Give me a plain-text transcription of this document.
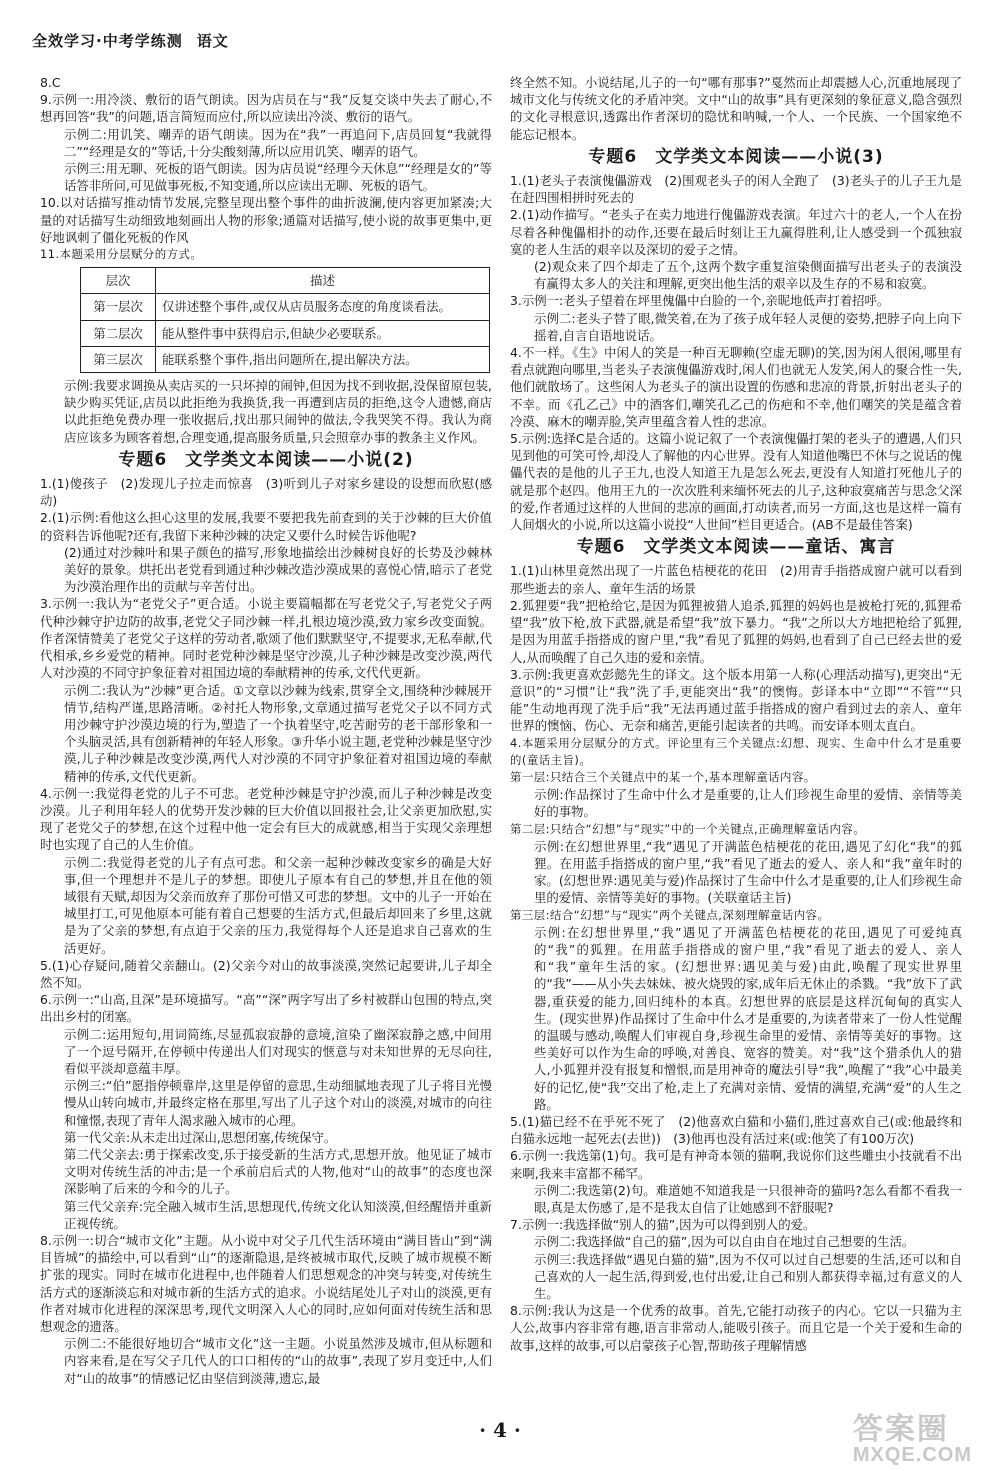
全效学习·中考学练测 语文

8.C

9.示例一:用冷淡、敷衍的语气朗读。因为店员在与“我”反复交谈中失去了耐心,不想再回答“我”的问题,语言简短而应付,所以应读出冷淡、敷衍的语气。

示例二:用讥笑、嘲弄的语气朗读。因为在“我”一再追问下,店员回复“我就得二”“经理是女的”等话,十分尖酸刻薄,所以应用讥笑、嘲弄的语气。

示例三:用无聊、死板的语气朗读。因为店员说“经理今天休息”“经理是女的”等话答非所问,可见做事死板,不知变通,所以应读出无聊、死板的语气。

10.以对话描写推动情节发展,完整呈现出整个事件的曲折波澜,使内容更加紧凑;大量的对话描写生动细致地刻画出人物的形象;通篇对话描写,使小说的故事更集中,更好地讽刺了僵化死板的作风

11.本题采用分层赋分的方式。

层次	描述
第一层次	仅讲述整个事件,或仅从店员服务态度的角度谈看法。
第二层次	能从整件事中获得启示,但缺少必要联系。
第三层次	能联系整个事件,指出问题所在,提出解决方法。

示例:我要求调换从卖店买的一只坏掉的闹钟,但因为找不到收据,没保留原包装,缺少购买凭证,店员以此拒绝为我换货,我一再遭到店员的拒绝,这令人遗憾,商店以此拒绝免费办理一张收据后,找出那只闹钟的做法,令我哭笑不得。我认为商店应该多为顾客着想,合理变通,提高服务质量,只会照章办事的教条主义作风。

专题6　文学类文本阅读——小说(2)

1.(1)傻孩子　(2)发现儿子拉走而惊喜　(3)听到儿子对家乡建设的设想而欣慰(感动)

2.(1)示例:看他这么担心这里的发展,我要不要把我先前查到的关于沙棘的巨大价值的资料告诉他呢?还有,我留下来种沙棘的决定又要什么时候告诉他呢?

(2)通过对沙棘叶和果子颜色的描写,形象地描绘出沙棘树良好的长势及沙棘林美好的景象。烘托出老党看到通过种沙棘改造沙漠成果的喜悦心情,暗示了老党为沙漠治理作出的贡献与辛苦付出。

3.示例一:我认为“老党父子”更合适。小说主要篇幅都在写老党父子,写老党父子两代种沙棘守护边防的故事,老党父子同沙棘一样,扎根边境沙漠,致力家乡改变面貌。作者深情赞美了老党父子这样的劳动者,歌颂了他们默默坚守,不提要求,无私奉献,代代相承,乡乡爱党的精神。同时老党种沙棘是坚守沙漠,儿子种沙棘是改变沙漠,两代人对沙漠的不同守护象征着对祖国边境的奉献精神的传承,文代代更新。

示例二:我认为“沙棘”更合适。①文章以沙棘为线索,贯穿全文,围绕种沙棘展开情节,结构严谨,思路清晰。②衬托人物形象,文章通过描写老党父子以不同方式用沙棘守护沙漠边境的行为,塑造了一个执着坚守,吃苦耐劳的老干部形象和一个头脑灵活,具有创新精神的年轻人形象。③升华小说主题,老党种沙棘是坚守沙漠,儿子种沙棘是改变沙漠,两代人对沙漠的不同守护象征着对祖国边境的奉献精神的传承,文代代更新。

4.示例一:我觉得老党的儿子不可悲。老党种沙棘是守护沙漠,而儿子种沙棘是改变沙漠。儿子利用年轻人的优势开发沙棘的巨大价值以回报社会,让父亲更加欣慰,实现了老党父子的梦想,在这个过程中他一定会有巨大的成就感,相当于实现父亲理想时也实现了自己的人生价值。

示例二:我觉得老党的儿子有点可悲。和父亲一起种沙棘改变家乡的确是大好事,但一个理想并不是儿子的梦想。即使儿子原本有自己的梦想,并且在他的领域很有天赋,却因为父亲而放弃了那份可惜又可悲的梦想。文中的儿子一开始在城里打工,可见他原本可能有着自己想要的生活方式,但最后却回来了乡里,这就是为了父亲的梦想,有点迫于父亲的压力,我觉得每个人还是追求自己喜欢的生活更好。

5.(1)心存疑问,随着父亲翻山。(2)父亲今对山的故事淡漠,突然记起要讲,儿子却全然不知。

6.示例一:“山高,且深”是环境描写。“高”“深”两字写出了乡村被群山包围的特点,突出出乡村的闭塞。

示例二:运用短句,用词简练,尽显孤寂寂静的意境,渲染了幽深寂静之感,中间用了一个逗号隔开,在停顿中传递出人们对现实的惬意与对未知世界的无尽向往,看似平淡却意蕴丰厚。

示例三:“伯”愿指停顿靠岸,这里是停留的意思,生动细腻地表现了儿子将目光慢慢从山转向城市,并最终定格在那里,写出了儿子这个对山的淡漠,对城市的向往和憧憬,表现了青年人渴求融入城市的心理。

第一代父亲:从未走出过深山,思想闭塞,传统保守。

第二代父亲去:勇于探索改变,乐于接受新的生活方式,思想开放。他见证了城市文明对传统生活的冲击;是一个承前启后式的人物,他对“山的故事”的态度也深深影响了后来的今和今的儿子。

第三代父亲弃:完全融入城市生活,思想现代,传统文化认知淡漠,但经醒悟并重新正视传统。

8.示例一:切合“城市文化”主题。从小说中对父子几代生活环境由“满目皆山”到“满目皆城”的描绘中,可以看到“山”的逐渐隐退,是终被城市取代,反映了城市规模不断扩张的现实。同时在城市化进程中,也伴随着人们思想观念的冲突与转变,对传统生活方式的逐渐淡忘和对城市新的生活方式的追求。小说结尾处儿子对山的淡漠,更有作者对城市化进程的深深思考,现代文明深入人心的同时,应如何面对传统生活和思想观念的遗落。

示例二:不能很好地切合“城市文化”这一主题。小说虽然涉及城市,但从标题和内容来看,是在写父子几代人的口口相传的“山的故事”,表现了岁月变迁中,人们对“山的故事”的情感记忆由坚信到淡薄,遗忘,最

终全然不知。小说结尾,儿子的一句“哪有那事?”戛然而止却震撼人心,沉重地展现了城市文化与传统文化的矛盾冲突。文中“山的故事”具有更深刻的象征意义,隐含强烈的文化寻根意识,透露出作者深切的隐忧和呐喊,一个人、一个民族、一个国家绝不能忘记根本。

专题6　文学类文本阅读——小说(3)

1.(1)老头子表演傀儡游戏　(2)围观老头子的闲人全跑了　(3)老头子的儿子王九是在赶四围相拼时死去的

2.(1)动作描写。“老头子在卖力地进行傀儡游戏表演。年过六十的老人,一个人在扮尽着各种傀儡相扑的动作,还要在最后时刻让王九赢得胜利,让人感受到一个孤独寂寞的老人生活的艰辛以及深切的爱子之情。

(2)观众来了四个却走了五个,这两个数字重复渲染侧面描写出老头子的表演没有赢得太多人的关注和理解,更突出他生活的艰辛以及生存的不易和寂寞。

3.示例一:老头子望着在坪里傀儡中白脸的一个,亲昵地低声打着招呼。

示例二:老头子替了眼,微笑着,在为了孩子成年轻人灵便的姿势,把脖子向上向下摇着,自言自语地说话。

4.不一样。《生》中闲人的笑是一种百无聊赖(空虚无聊)的笑,因为闲人很闲,哪里有看点就跑向哪里,当老头子表演傀儡游戏时,闲人们也就无人发笑,闲人的聚合性一失,他们就散场了。这些闲人为老头子的演出设置的伤感和悲凉的背景,折射出老头子的不幸。而《孔乙己》中的酒客们,嘲笑孔乙己的伤疤和不幸,他们嘲笑的笑是蕴含着冷漠、麻木的嘲弄脸,笑声里蕴含着人性的悲凉。

5.示例:选择C是合适的。这篇小说记叙了一个表演傀儡打架的老头子的遭遇,人们只见到他的可笑可怜,却没人了解他的内心世界。没有人知道他嘴巴不休与之说话的傀儡代表的是他的儿子王九,也没人知道王九是怎么死去,更没有人知道打死他儿子的就是那个赵四。他用王九的一次次胜利来缅怀死去的儿子,这种寂寞痛苦与思念父深的爱,作者通过这样的人世间的悲凉的画面,打动读者,而另一方面,这也是这样一篇有人间烟火的小说,所以这篇小说投“人世间”栏目更适合。(AB不是最佳答案)

专题6　文学类文本阅读——童话、寓言

1.(1)山林里竟然出现了一片蓝色桔梗花的花田　(2)用青手指搭成窗户就可以看到那些逝去的亲人、童年生活的场景

2.狐狸要“我”把枪给它,是因为狐狸被猎人追杀,狐狸的妈妈也是被枪打死的,狐狸希望“我”放下枪,放下武器,就是希望“我”放下暴力。“我”之所以大方地把枪给了狐狸,是因为用蓝手指搭成的窗户里,“我”看见了狐狸的妈妈,也看到了自己已经去世的爱人,从而唤醒了自己久违的爱和亲情。

3.示例:我更喜欢彭懿先生的译文。这个版本用第一人称(心理活动描写),更突出“无意识”的“习惯”让“我”洗了手,更能突出“我”的懊悔。彭译本中“立即”“不管”“只能”生动地再现了洗手后“我”无法再通过蓝手指搭成的窗户看到过去的亲人、童年世界的懊恼、伤心、无奈和痛苦,更能引起读者的共鸣。而安译本则太直白。

4.本题采用分层赋分的方式。评论里有三个关键点:幻想、现实、生命中什么才是重要的(童话主旨)。

第一层:只结合三个关键点中的某一个,基本理解童话内容。

示例:作品探讨了生命中什么才是重要的,让人们珍视生命里的爱情、亲情等美好的事物。

第二层:只结合“幻想”与“现实”中的一个关键点,正确理解童话内容。

示例:在幻想世界里,“我”遇见了开满蓝色桔梗花的花田,遇见了幻化“我”的狐狸。在用蓝手指搭成的窗户里,“我”看见了逝去的爱人、亲人和“我”童年时的家。(幻想世界:遇见美与爱)作品探讨了生命中什么才是重要的,让人们珍视生命里的爱情、亲情等美好的事物。(关联童话主旨)

第三层:结合“幻想”与“现实”两个关键点,深刻理解童话内容。

示例:在幻想世界里,“我”遇见了开满蓝色桔梗花的花田,遇见了可爱纯真的“我”的狐狸。在用蓝手指搭成的窗户里,“我”看见了逝去的爱人、亲人和“我”童年生活的家。(幻想世界:遇见美与爱)由此,唤醒了现实世界里的“我”——从小失去妹妹、被火烧毁的家,成年后无休止的杀戮。“我”放下了武器,重获爱的能力,回归纯朴的本真。幻想世界的底层是这样沉甸甸的真实人生。(现实世界)作品探讨了生命中什么才是重要的,为读者带来了一份人性觉醒的温暖与感动,唤醒人们审视自身,珍视生命里的爱情、亲情等美好的事物。这些美好可以作为生命的呼唤,对善良、宽容的赞美。对“我”这个猎杀仇人的猎人,小狐狸并没有报复和憎恨,而是用神奇的魔法引导“我”,唤醒了“我”心中最美好的记忆,使“我”交出了枪,走上了充满对亲情、爱情的满望,充满“爱”的人生之路。

5.(1)猫已经不在乎死不死了　(2)他喜欢白猫和小猫们,胜过喜欢自己(或:他最终和白猫永远地一起死去(去世))　(3)他再也没有活过来(或:他笑了有100万次)

6.示例一:我选第(1)句。我可是有神奇本领的猫啊,我说你们这些雕虫小技就看不出来啊,我来丰富都不稀罕。

示例二:我选第(2)句。难道她不知道我是一只很神奇的猫吗?怎么看都不看我一眼,真是太伤感了,是不是我太自信了让她感到不舒服呢?

7.示例一:我选择做“别人的猫”,因为可以得到别人的爱。

示例二:我选择做“自己的猫”,因为可以自由自在地过自己想要的生活。

示例三:我选择做“遇见白猫的猫”,因为不仅可以过自己想要的生活,还可以和自己喜欢的人一起生活,得到爱,也付出爱,让自己和别人都获得幸福,过有意义的人生。

8.示例:我认为这是一个优秀的故事。首先,它能打动孩子的内心。它以一只猫为主人公,故事内容非常有趣,语言非常动人,能吸引孩子。而且它是一个关于爱和生命的故事,这样的故事,可以启蒙孩子心智,帮助孩子理解情感

· 4 ·	答案圈
MXQE.COM
